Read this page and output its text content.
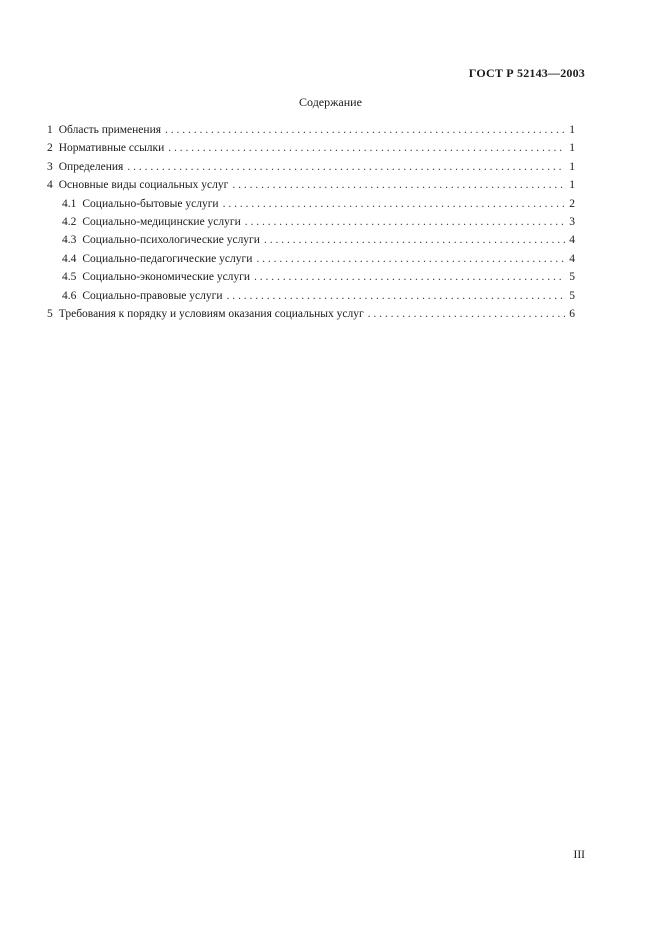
ГОСТ Р 52143—2003
Содержание
1 Область применения . . .	1
2 Нормативные ссылки . . .	1
3 Определения . . .	1
4 Основные виды социальных услуг . . .	1
4.1 Социально-бытовые услуги . . .	2
4.2 Социально-медицинские услуги . . .	3
4.3 Социально-психологические услуги . . .	4
4.4 Социально-педагогические услуги . . .	4
4.5 Социально-экономические услуги . . .	5
4.6 Социально-правовые услуги . . .	5
5 Требования к порядку и условиям оказания социальных услуг . . .	6
III
